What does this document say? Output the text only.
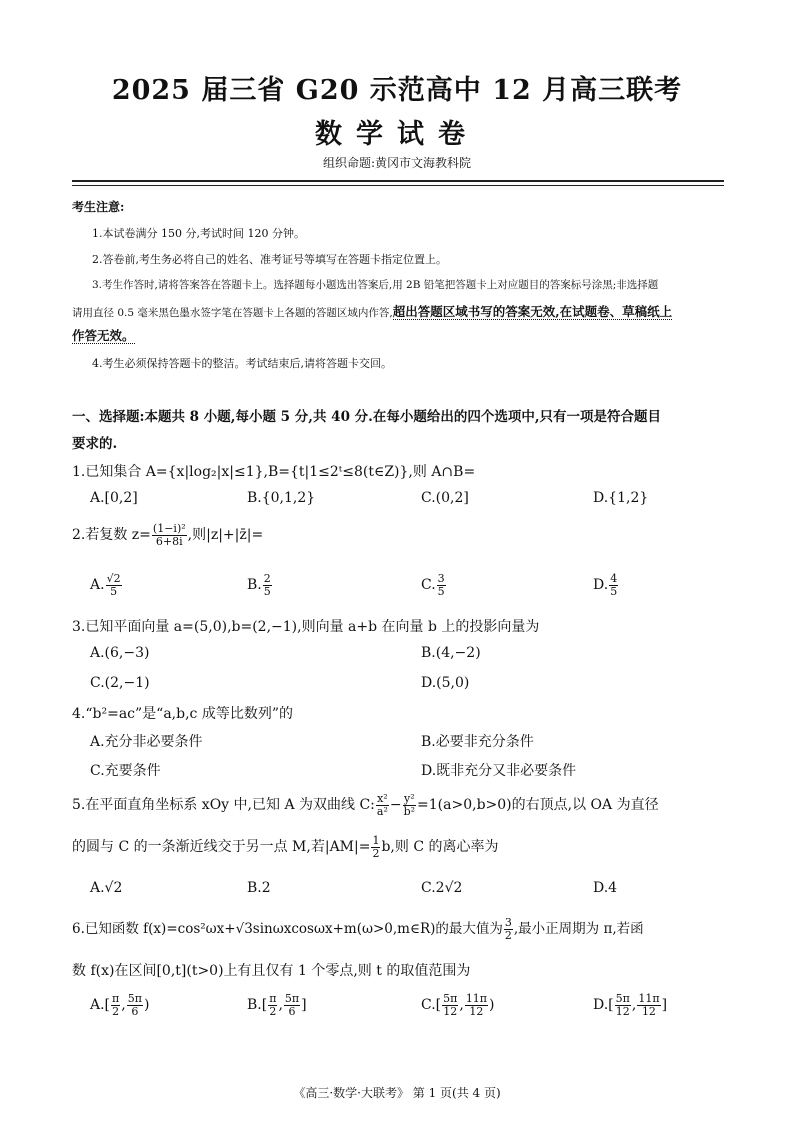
2025 届三省 G20 示范高中 12 月高三联考
数学试卷
组织命题:黄冈市文海教科院
考生注意:
1.本试卷满分 150 分,考试时间 120 分钟。
2.答卷前,考生务必将自己的姓名、准考证号等填写在答题卡指定位置上。
3.考生作答时,请将答案答在答题卡上。选择题每小题选出答案后,用 2B 铅笔把答题卡上对应题目的答案标号涂黑;非选择题
请用直径 0.5 毫米黑色墨水签字笔在答题卡上各题的答题区域内作答,超出答题区域书写的答案无效,在试题卷、草稿纸上
作答无效。
4.考生必须保持答题卡的整洁。考试结束后,请将答题卡交回。
一、选择题:本题共 8 小题,每小题 5 分,共 40 分.在每小题给出的四个选项中,只有一项是符合题目
要求的.
1.已知集合 A={x|log₂|x|≤1},B={t|1≤2ᵗ≤8(t∈Z)},则 A∩B=
A.[0,2]	B.{0,1,2}	C.(0,2]	D.{1,2}
2.若复数 $z= \frac{\text{(1−i)²}}{6+8i}$ ,则|z|+|z̄|=
A. $\frac{√2}{5}$	B. $\frac{2}{5}$	C. $\frac{3}{5}$	D. $\frac{4}{5}$
3.已知平面向量 a=(5,0),b=(2,−1),则向量 a+b 在向量 b 上的投影向量为
A.(6,−3)	B.(4,−2)
C.(2,−1)	D.(5,0)
4.“b²=ac”是“a,b,c 成等比数列”的
A.充分非必要条件	B.必要非充分条件
C.充要条件	D.既非充分又非必要条件
5.在平面直角坐标系 xOy 中,已知 A 为双曲线 C: $\frac{\text{x²}}{\text{a²}} - \frac{\text{y²}}{\text{b²}} =1(a>0,b>0)$的右顶点,以 OA 为直径
的圆与 C 的一条渐近线交于另一点 M,若$|AM|= \frac{1}{2} b$,则 C 的离心率为
A.√2	B.2	C.2√2	D.4
6.已知函数 f(x)=cos²ωx+√3sinωxcosωx+m(ω>0,m∈R)的最大值为 $\frac{3}{2}$ ,最小正周期为 π,若函
数 f(x)在区间[0,t](t>0)上有且仅有 1 个零点,则 t 的取值范围为
$A.[ \frac{\pi}{2}$ , $\frac{5\pi}{6}$ )	$B.[ \frac{\pi}{2}$ , $\frac{5\pi}{6}$ ]	$C.[ \frac{5\pi}{12}$ , $\frac{11\pi}{12}$ )	$D.[ \frac{5\pi}{12}$ , $\frac{11\pi}{12}$ ]
《高三·数学·大联考》 第 1 页(共 4 页)
